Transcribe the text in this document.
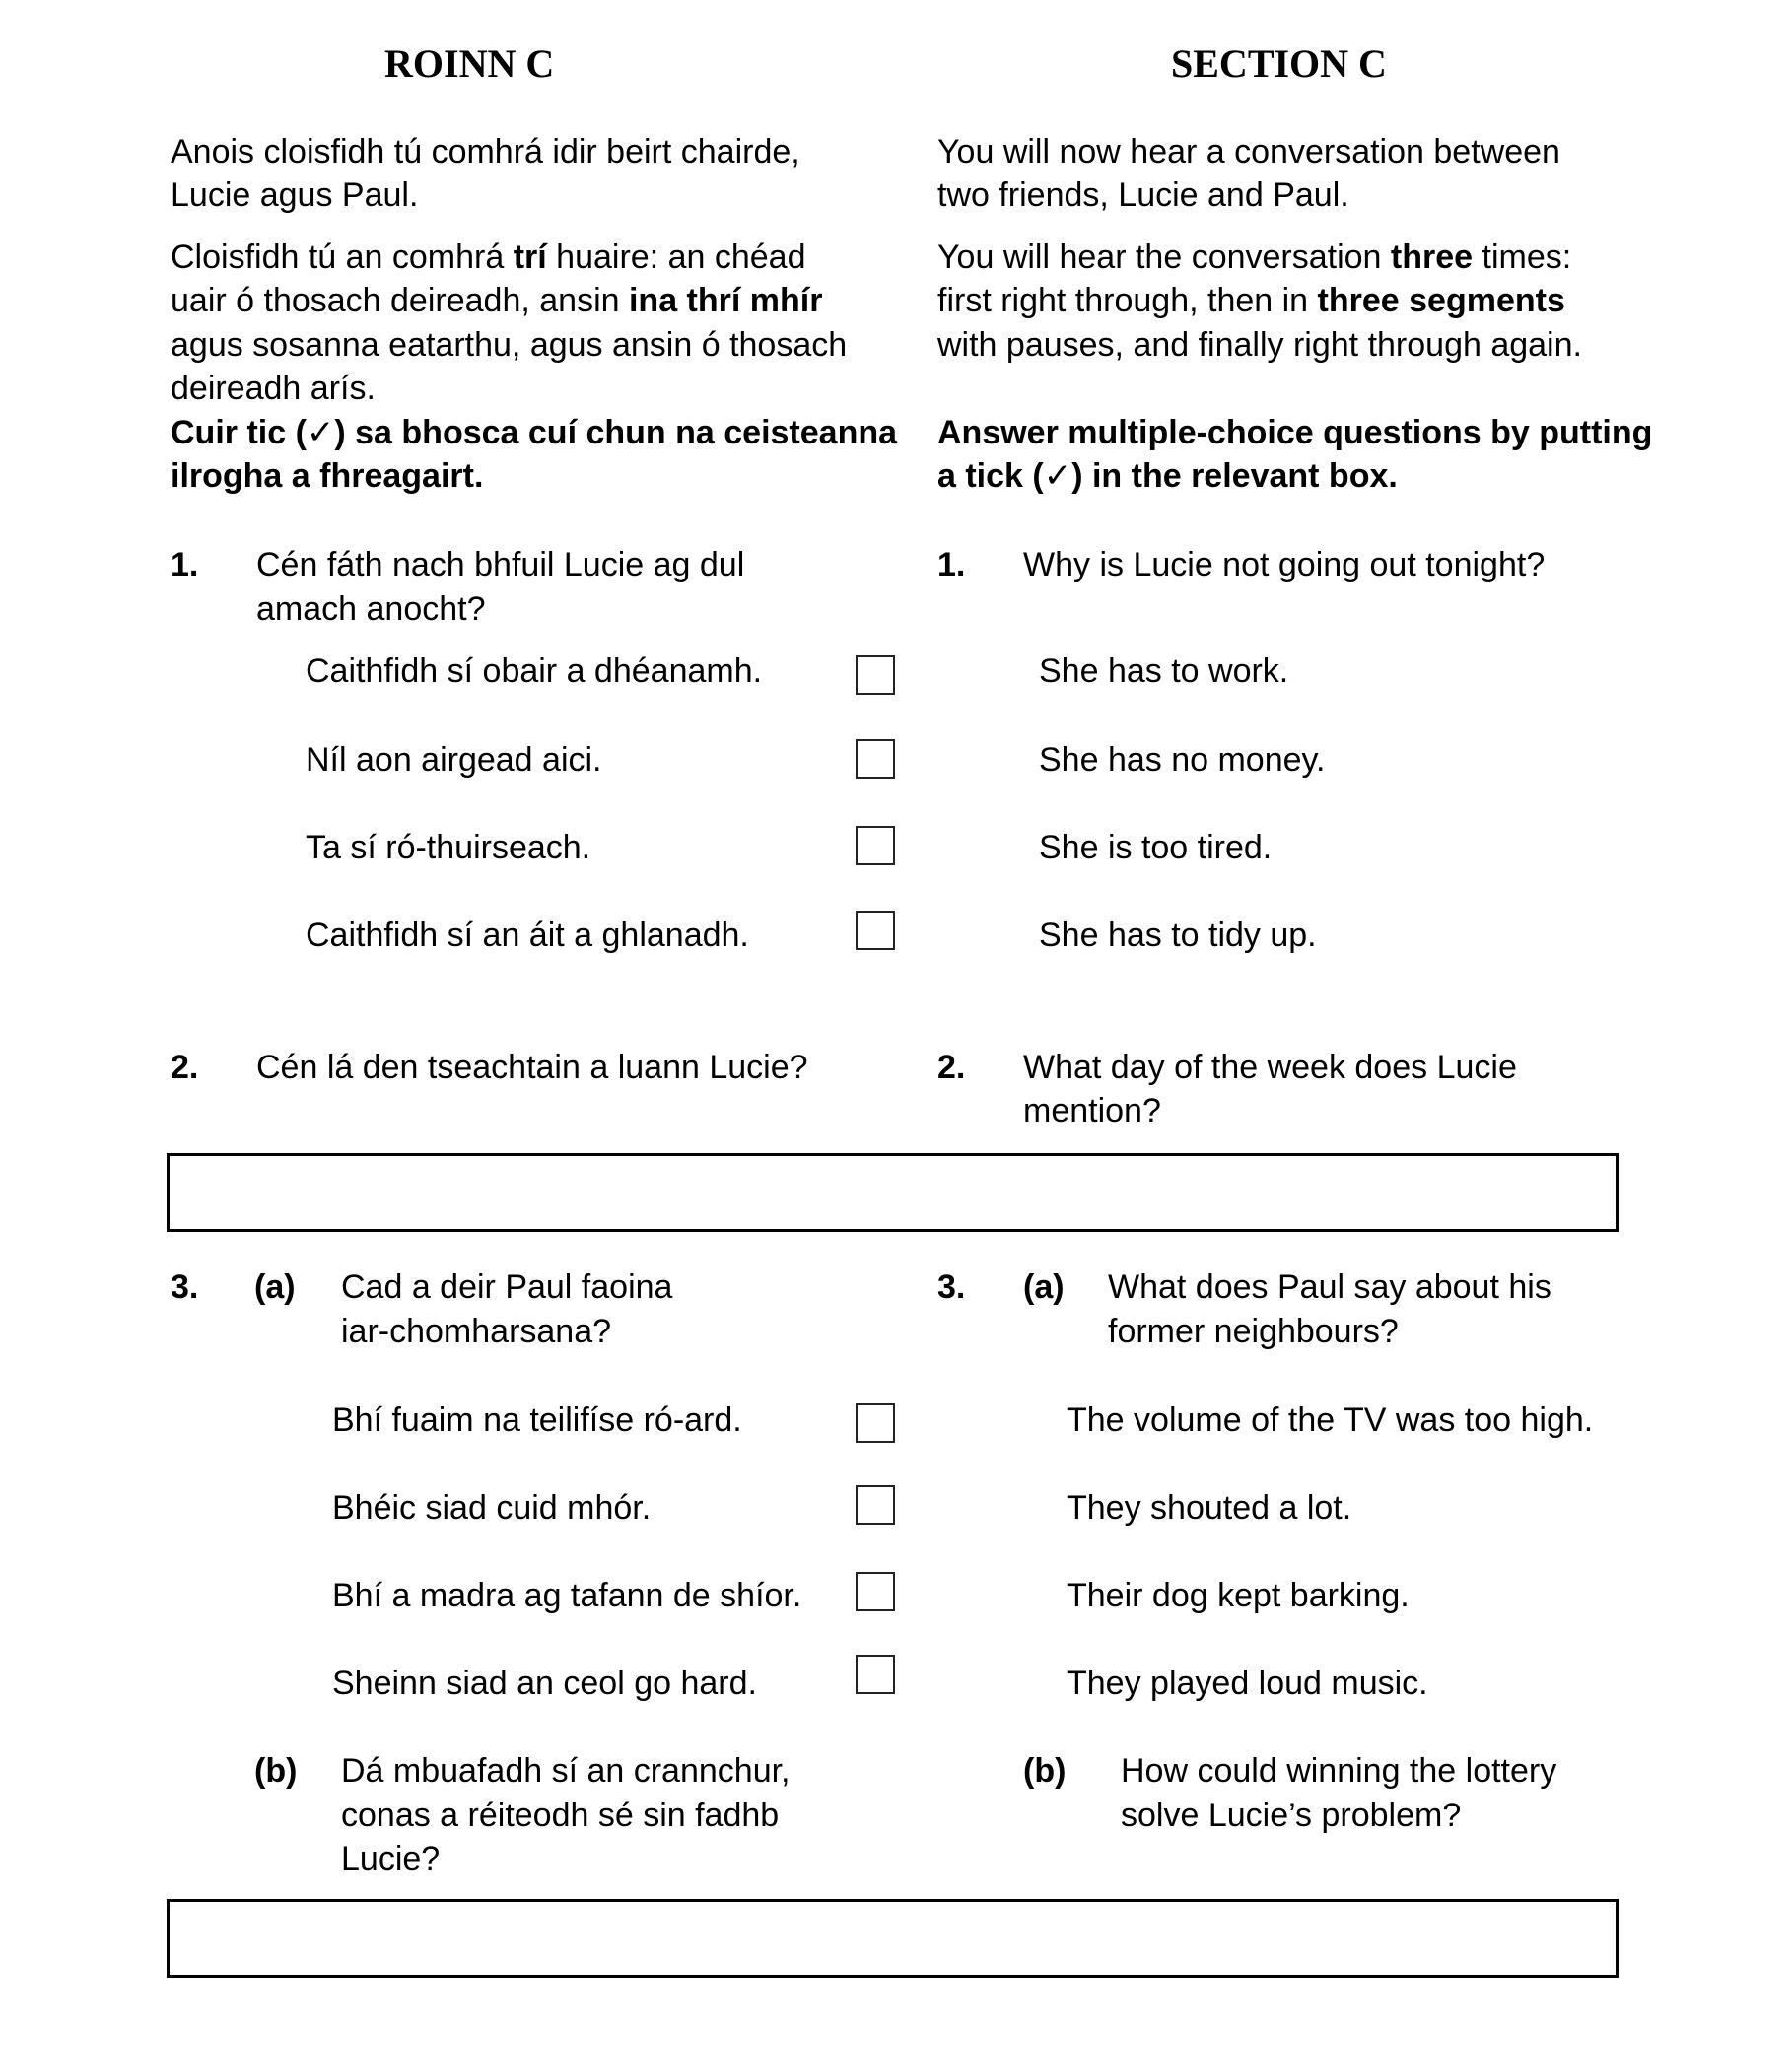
ROINN C	SECTION C
Anois cloisfidh tú comhrá idir beirt chairde,
Lucie agus Paul.
Cloisfidh tú an comhrá trí huaire: an chéad
uair ó thosach deireadh, ansin ina thrí mhír
agus sosanna eatarthu, agus ansin ó thosach
deireadh arís.
Cuir tic (✓) sa bhosca cuí chun na ceisteanna
ilrogha a fhreagairt.
You will now hear a conversation between
two friends, Lucie and Paul.
You will hear the conversation three times:
first right through, then in three segments
with pauses, and finally right through again.
Answer multiple-choice questions by putting
a tick (✓) in the relevant box.
1. Cén fáth nach bhfuil Lucie ag dul
amach anocht?
1. Why is Lucie not going out tonight?
Caithfidh sí obair a dhéanamh.	She has to work.
Níl aon airgead aici.	She has no money.
Ta sí ró-thuirseach.	She is too tired.
Caithfidh sí an áit a ghlanadh.	She has to tidy up.
2. Cén lá den tseachtain a luann Lucie?	2. What day of the week does Lucie
mention?
3. (a) Cad a deir Paul faoina
iar-chomharsana?
3. (a) What does Paul say about his
former neighbours?
Bhí fuaim na teilifíse ró-ard.	The volume of the TV was too high.
Bhéic siad cuid mhór.	They shouted a lot.
Bhí a madra ag tafann de shíor.	Their dog kept barking.
Sheinn siad an ceol go hard.	They played loud music.
(b) Dá mbuafadh sí an crannchur,
conas a réiteodh sé sin fadhb
Lucie?
(b) How could winning the lottery
solve Lucie’s problem?
